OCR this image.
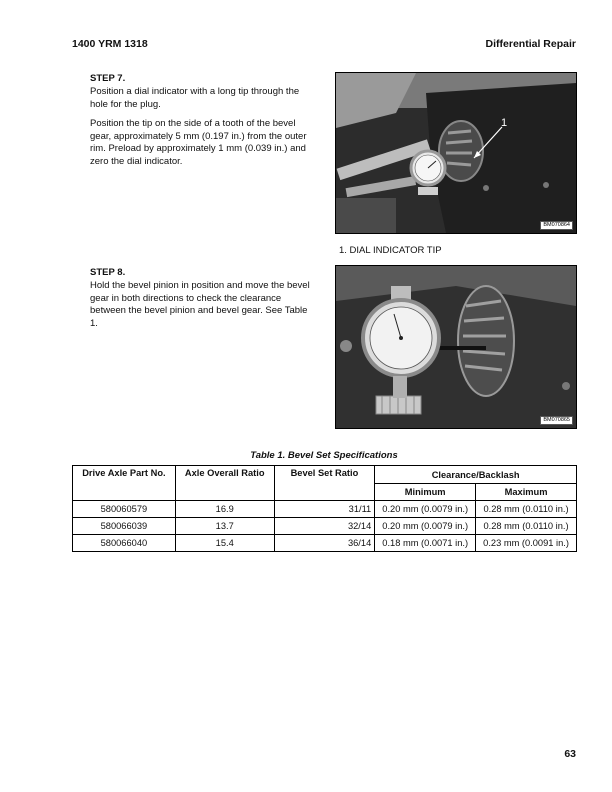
1400 YRM 1318	Differential Repair
STEP 7.

Position a dial indicator with a long tip through the hole for the plug.

Position the tip on the side of a tooth of the bevel gear, approximately 5 mm (0.197 in.) from the outer rim. Preload by approximately 1 mm (0.039 in.) and zero the dial indicator.

1
BM070864
1. DIAL INDICATOR TIP
STEP 8.

Hold the bevel pinion in position and move the bevel gear in both directions to check the clearance between the bevel pinion and bevel gear. See Table 1.

BM070865
Table 1. Bevel Set Specifications
Drive Axle Part No.	Axle Overall Ratio	Bevel Set Ratio	Clearance/Backlash	
			Minimum	Maximum
580060579	16.9	31/11	0.20 mm (0.0079 in.)	0.28 mm (0.0110 in.)
580066039	13.7	32/14	0.20 mm (0.0079 in.)	0.28 mm (0.0110 in.)
580066040	15.4	36/14	0.18 mm (0.0071 in.)	0.23 mm (0.0091 in.)
63
